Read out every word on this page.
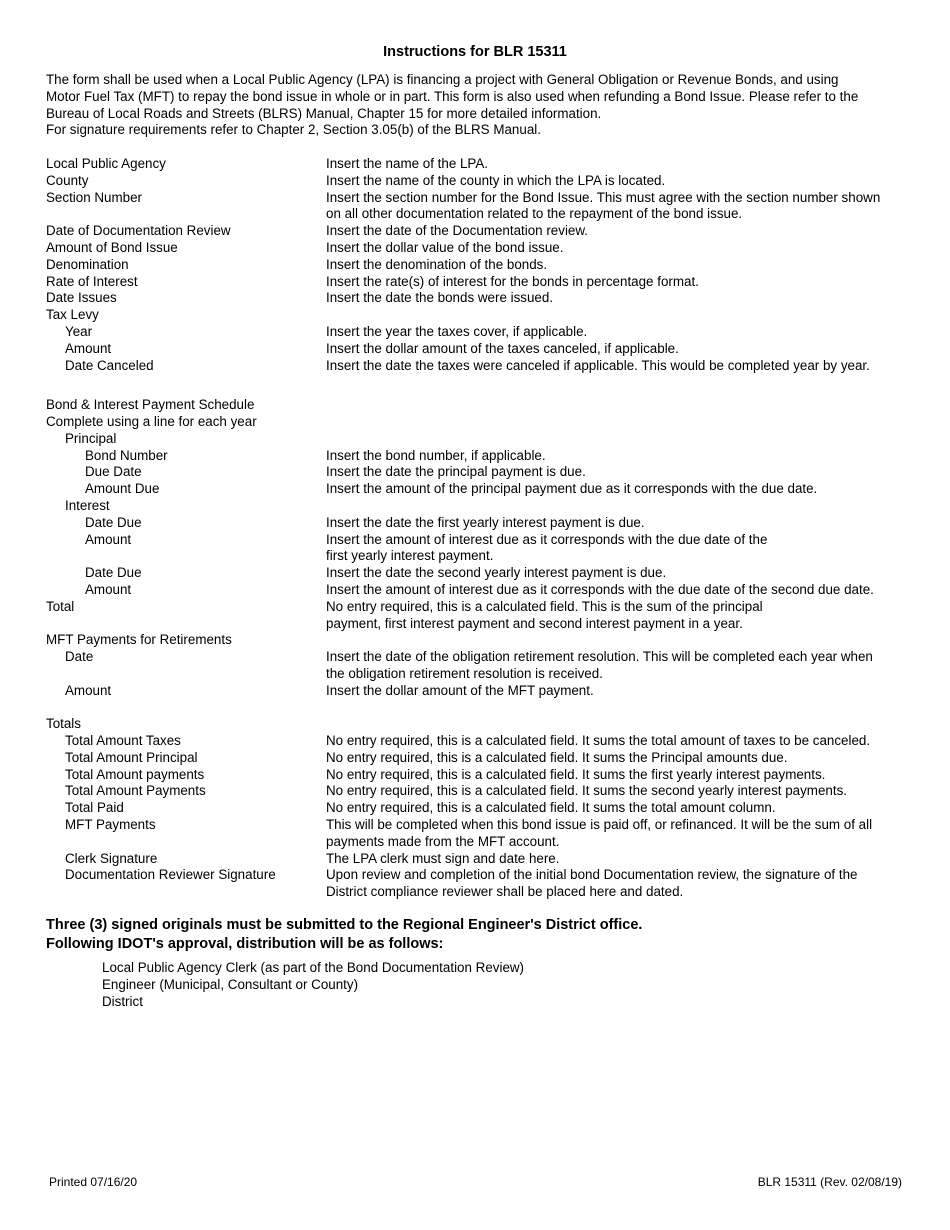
Instructions for BLR 15311
The form shall be used when a Local Public Agency (LPA) is financing a project with General Obligation or Revenue Bonds, and using
Motor Fuel Tax (MFT) to repay the bond issue in whole or in part. This form is also used when refunding a Bond Issue. Please refer to the
Bureau of Local Roads and Streets (BLRS) Manual, Chapter 15 for more detailed information.
For signature requirements refer to Chapter 2, Section 3.05(b) of the BLRS Manual.
Local Public Agency	Insert the name of the LPA.
County	Insert the name of the county in which the LPA is located.
Section Number	Insert the section number for the Bond Issue. This must agree with the section number shown
on all other documentation related to the repayment of the bond issue.
Date of Documentation Review	Insert the date of the Documentation review.
Amount of Bond Issue	Insert the dollar value of the bond issue.
Denomination	Insert the denomination of the bonds.
Rate of Interest	Insert the rate(s) of interest for the bonds in percentage format.
Date Issues	Insert the date the bonds were issued.
Tax Levy
Year	Insert the year the taxes cover, if applicable.
Amount	Insert the dollar amount of the taxes canceled, if applicable.
Date Canceled	Insert the date the taxes were canceled if applicable. This would be completed year by year.
Bond & Interest Payment Schedule
Complete using a line for each year
Principal
Bond Number	Insert the bond number, if applicable.
Due Date	Insert the date the principal payment is due.
Amount Due	Insert the amount of the principal payment due as it corresponds with the due date.
Interest
Date Due	Insert the date the first yearly interest payment is due.
Amount	Insert the amount of interest due as it corresponds with the due date of the
first yearly interest payment.
Date Due	Insert the date the second yearly interest payment is due.
Amount	Insert the amount of interest due as it corresponds with the due date of the second due date.
Total	No entry required, this is a calculated field. This is the sum of the principal
payment, first interest payment and second interest payment in a year.
MFT Payments for Retirements
Date	Insert the date of the obligation retirement resolution. This will be completed each year when
the obligation retirement resolution is received.
Amount	Insert the dollar amount of the MFT payment.
Totals
Total Amount Taxes	No entry required, this is a calculated field. It sums the total amount of taxes to be canceled.
Total Amount Principal	No entry required, this is a calculated field. It sums the Principal amounts due.
Total Amount payments	No entry required, this is a calculated field. It sums the first yearly interest payments.
Total Amount Payments	No entry required, this is a calculated field. It sums the second yearly interest payments.
Total Paid	No entry required, this is a calculated field. It sums the total amount column.
MFT Payments	This will be completed when this bond issue is paid off, or refinanced. It will be the sum of all
payments made from the MFT account.
Clerk Signature	The LPA clerk must sign and date here.
Documentation Reviewer Signature	Upon review and completion of the initial bond Documentation review, the signature of the
District compliance reviewer shall be placed here and dated.
Three (3) signed originals must be submitted to the Regional Engineer's District office.
Following IDOT's approval, distribution will be as follows:
Local Public Agency Clerk (as part of the Bond Documentation Review)
Engineer (Municipal, Consultant or County)
District
Printed 07/16/20	BLR 15311 (Rev. 02/08/19)
